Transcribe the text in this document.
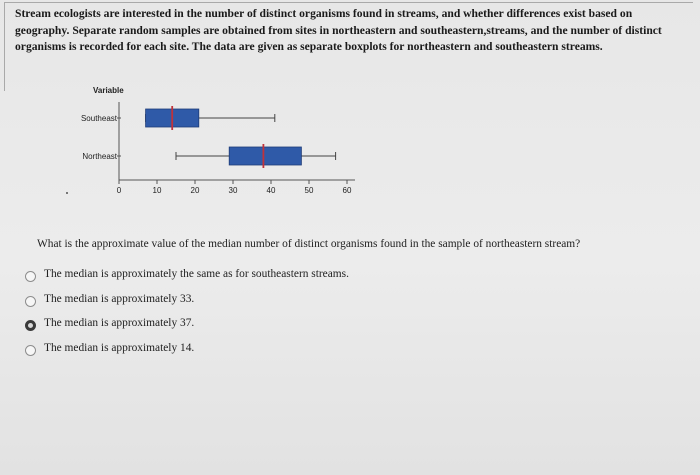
Stream ecologists are interested in the number of distinct organisms found in streams, and whether differences exist based on geography. Separate random samples are obtained from sites in northeastern and southeastern,streams, and the number of distinct organisms is recorded for each site. The data are given as separate boxplots for northeastern and southeastern streams.
Variable
Southeast
Northeast
0	10	20	30	40	50	60
What is the approximate value of the median number of distinct organisms found in the sample of northeastern stream?
The median is approximately the same as for southeastern streams.
The median is approximately 33.
The median is approximately 37.
The median is approximately 14.
